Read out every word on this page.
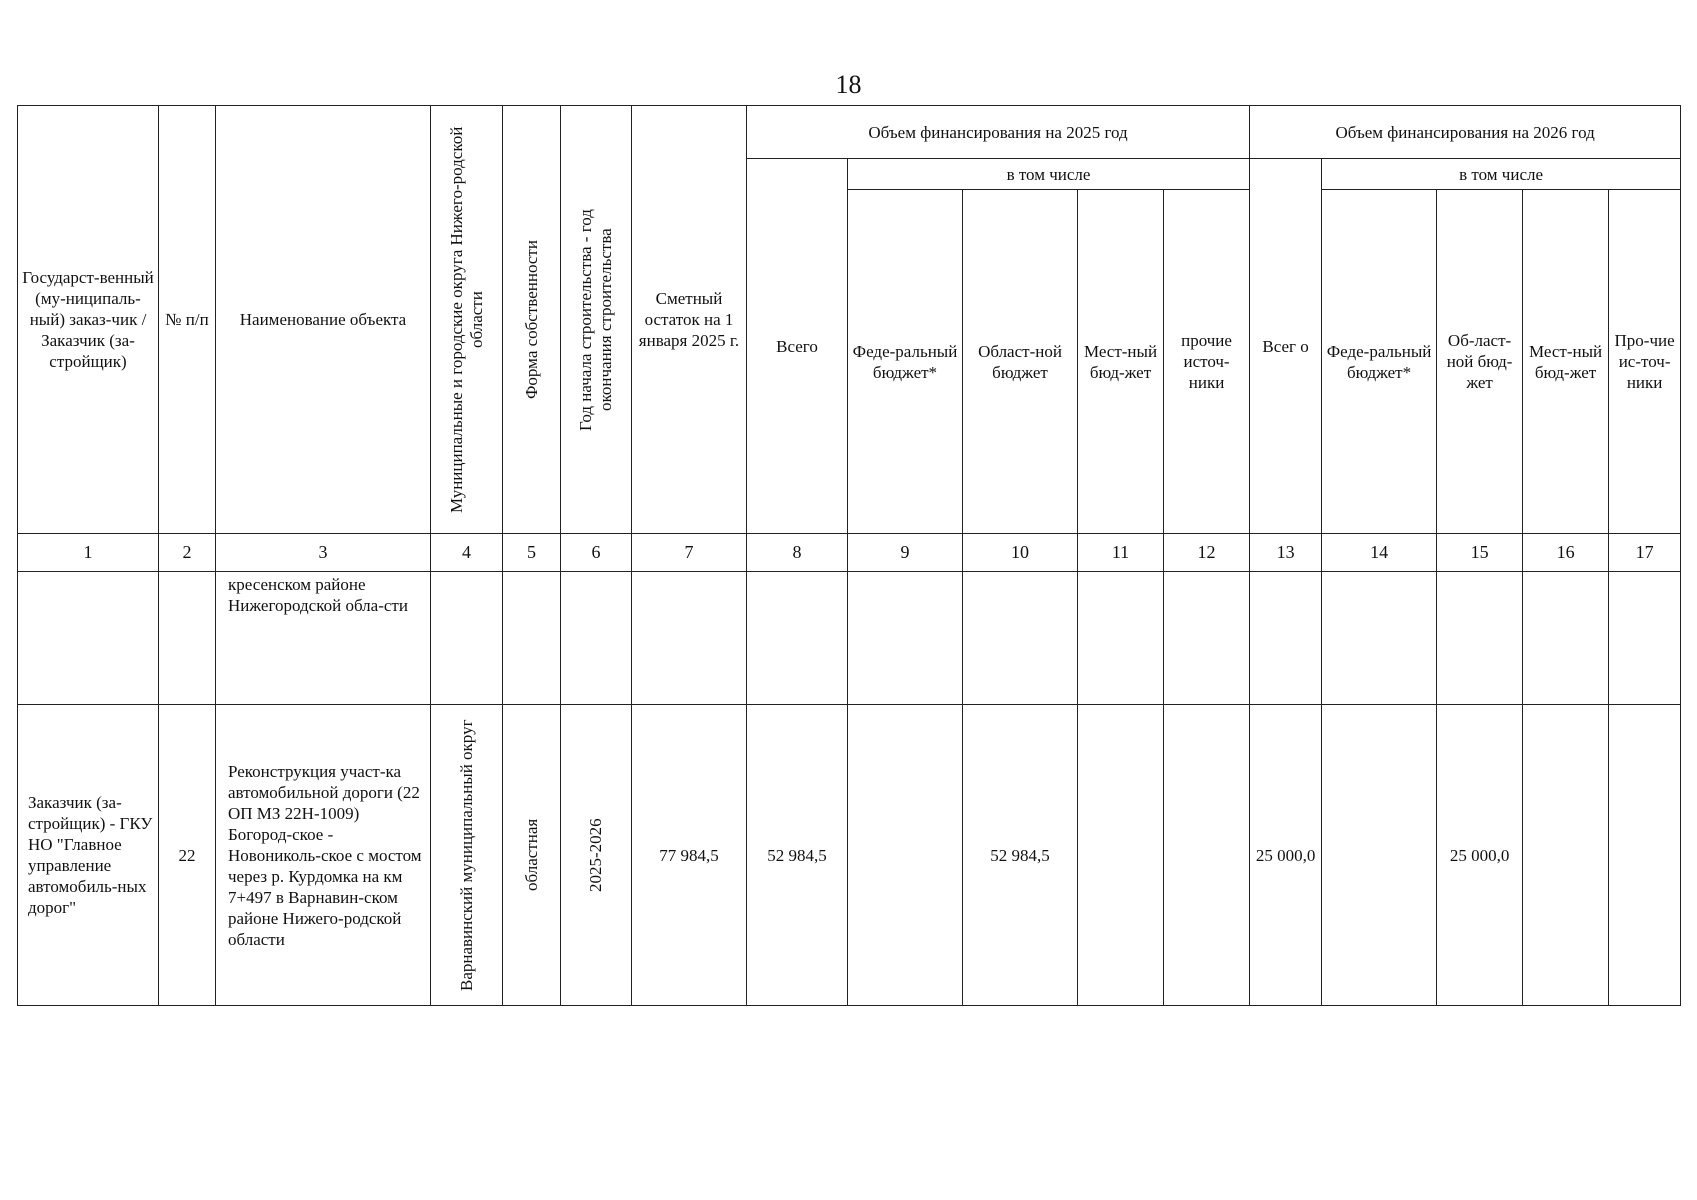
18
Государст-венный (му-ниципаль-ный) заказ-чик / Заказчик (за-стройщик)	№ п/п	Наименование объекта	Муниципальные и городские округа Нижего-родской области	Форма собственности	Год начала строительства - год окончания строительства	Сметный остаток на 1 января 2025 г.	Объем финансирования на 2025 год					Объем финансирования на 2026 год				
							Всего	в том числе				Всег о	в том числе			
								Феде-ральный бюджет*	Област-ной бюджет	Мест-ный бюд-жет	прочие источ-ники		Феде-ральный бюджет*	Об-ласт-ной бюд-жет	Мест-ный бюд-жет	Про-чие ис-точ-ники
1	2	3	4	5	6	7	8	9	10	11	12	13	14	15	16	17
		кресенском районе Нижегородской обла-сти														
Заказчик (за-стройщик) - ГКУ НО "Главное управление автомобиль-ных дорог"	22	Реконструкция участ-ка автомобильной дороги (22 ОП МЗ 22Н-1009) Богород-ское - Новониколь-ское с мостом через р. Курдомка на км 7+497 в Варнавин-ском районе Нижего-родской области	Варнавинский муниципальный округ	областная	2025-2026	77 984,5	52 984,5		52 984,5			25 000,0		25 000,0		
